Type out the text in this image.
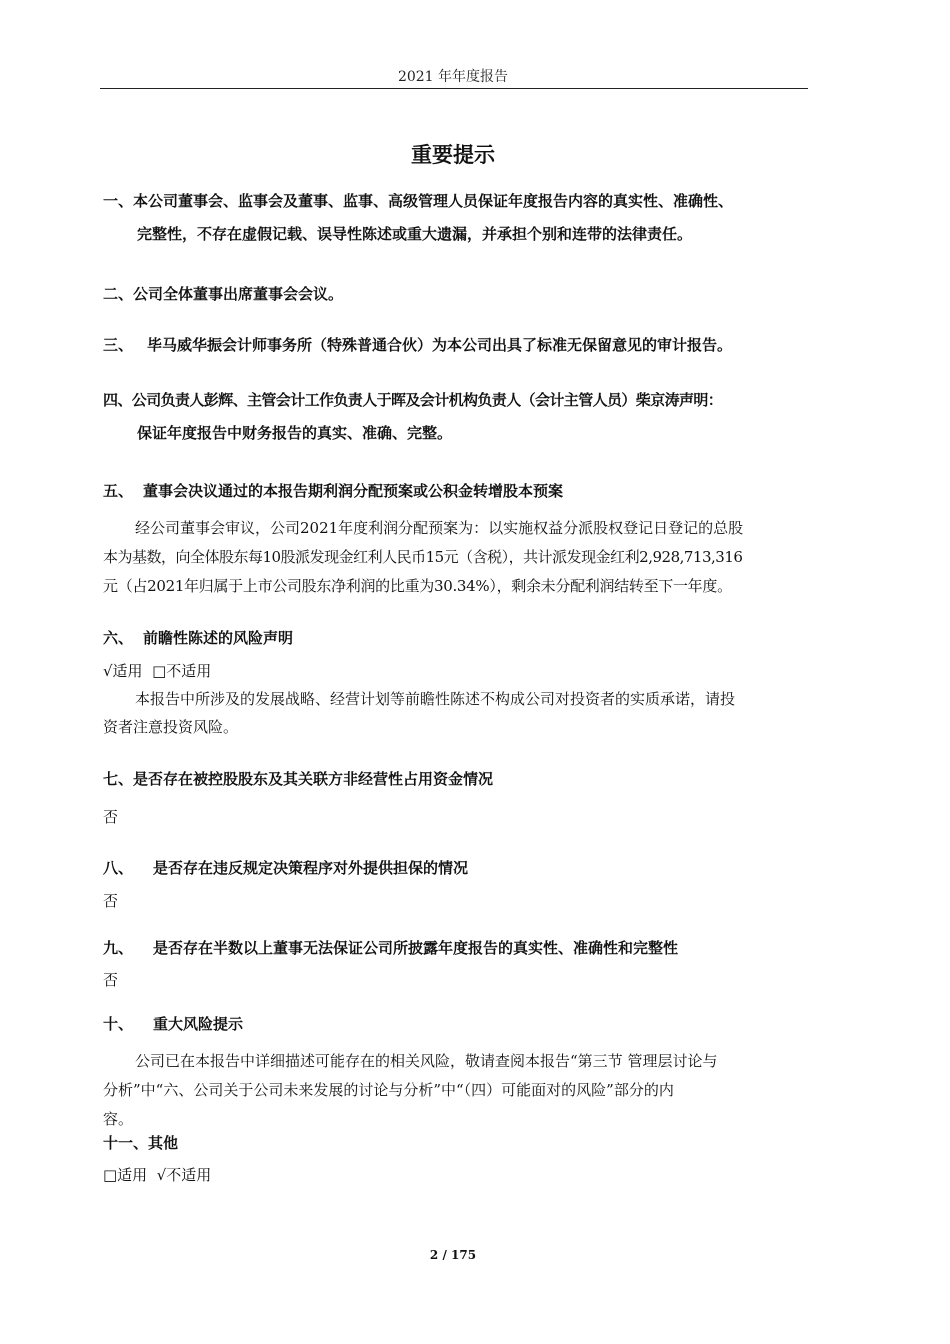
2021 年年度报告
重要提示
一、本公司董事会、监事会及董事、监事、高级管理人员保证年度报告内容的真实性、准确性、
完整性，不存在虚假记载、误导性陈述或重大遗漏，并承担个别和连带的法律责任。
二、公司全体董事出席董事会会议。
三、 毕马威华振会计师事务所（特殊普通合伙）为本公司出具了标准无保留意见的审计报告。
四、公司负责人彭辉、主管会计工作负责人于晖及会计机构负责人（会计主管人员）柴京涛声明：
保证年度报告中财务报告的真实、准确、完整。
五、 董事会决议通过的本报告期利润分配预案或公积金转增股本预案
经公司董事会审议，公司2021年度利润分配预案为：以实施权益分派股权登记日登记的总股
本为基数，向全体股东每10股派发现金红利人民币15元（含税），共计派发现金红利2,928,713,316
元（占2021年归属于上市公司股东净利润的比重为30.34%），剩余未分配利润结转至下一年度。
六、 前瞻性陈述的风险声明
√适用  □不适用
本报告中所涉及的发展战略、经营计划等前瞻性陈述不构成公司对投资者的实质承诺，请投
资者注意投资风险。
七、是否存在被控股股东及其关联方非经营性占用资金情况
否
八、 是否存在违反规定决策程序对外提供担保的情况
否
九、 是否存在半数以上董事无法保证公司所披露年度报告的真实性、准确性和完整性
否
十、 重大风险提示
公司已在本报告中详细描述可能存在的相关风险，敬请查阅本报告“第三节 管理层讨论与
分析”中“六、公司关于公司未来发展的讨论与分析”中“（四）可能面对的风险”部分的内
容。
十一、其他
□适用  √不适用
2 / 175
